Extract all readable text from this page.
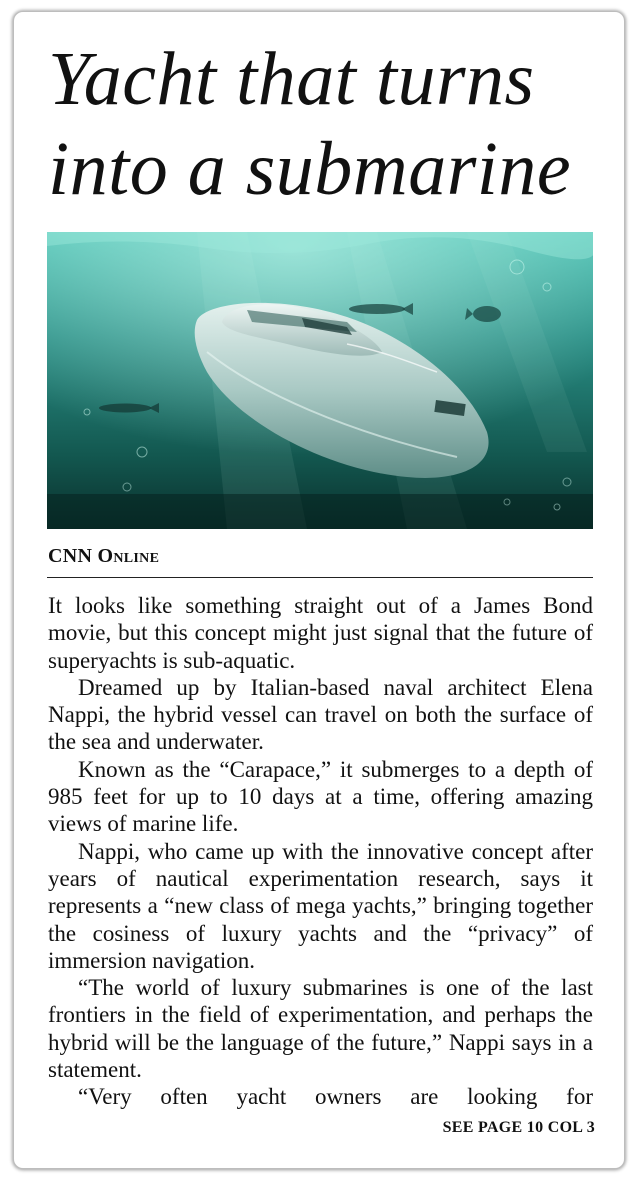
Yacht that turns
into a submarine
CNN Online

It looks like something straight out of a James Bond movie, but this concept might just signal that the future of superyachts is sub-aquatic.

Dreamed up by Italian-based naval architect Elena Nappi, the hybrid vessel can travel on both the surface of the sea and underwater.

Known as the “Carapace,” it submerges to a depth of 985 feet for up to 10 days at a time, offering amazing views of marine life.

Nappi, who came up with the innovative concept after years of nautical experimentation research, says it represents a “new class of mega yachts,” bringing together the cosiness of luxury yachts and the “privacy” of immersion navigation.

“The world of luxury submarines is one of the last frontiers in the field of experimentation, and perhaps the hybrid will be the language of the future,” Nappi says in a statement.

“Very often yacht owners are looking for

SEE PAGE 10 COL 3
